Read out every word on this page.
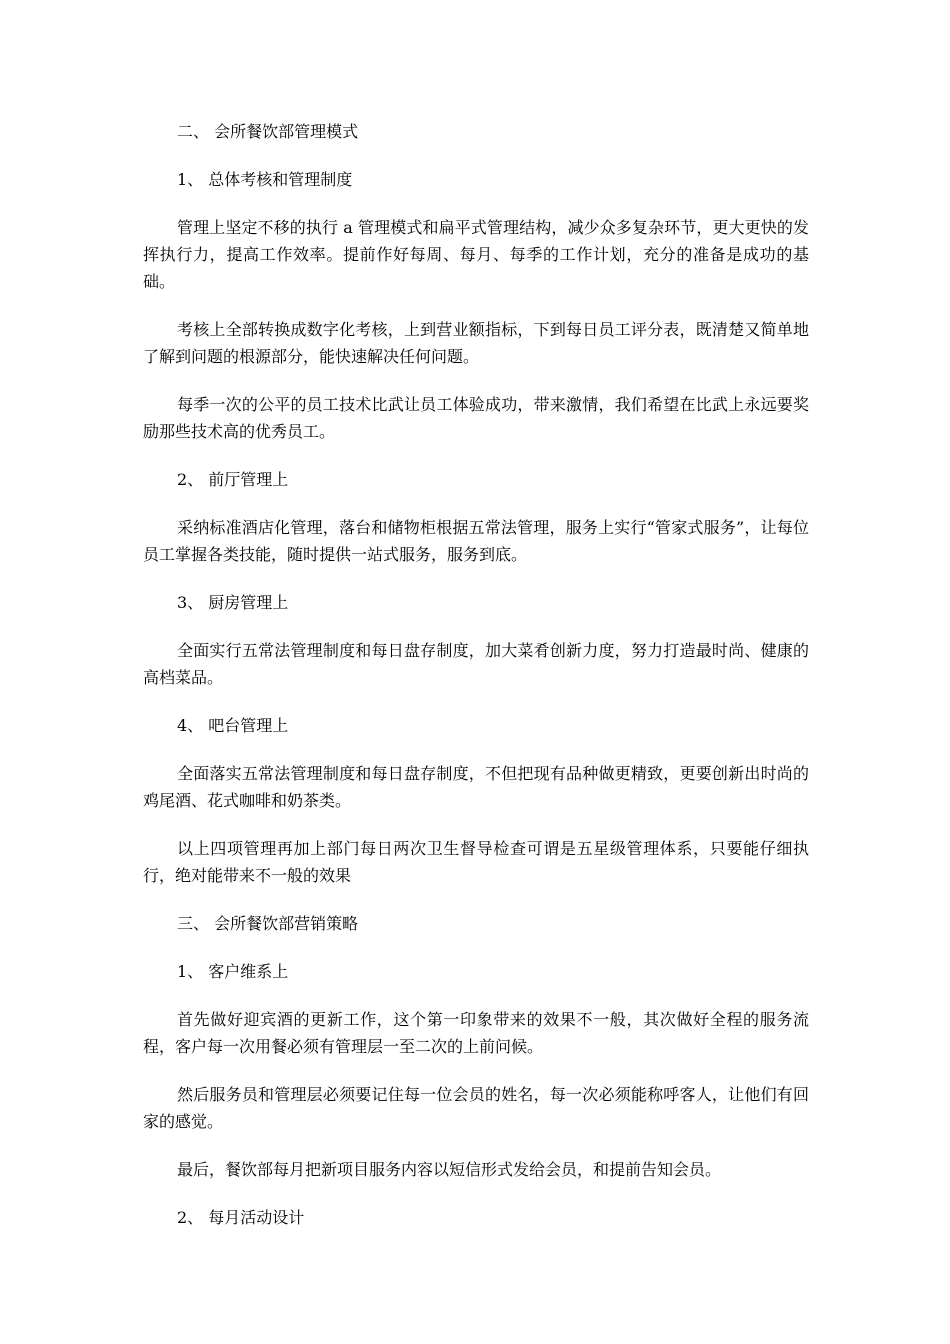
二、 会所餐饮部管理模式

1、 总体考核和管理制度

管理上坚定不移的执行 a 管理模式和扁平式管理结构，减少众多复杂环节，更大更快的发挥执行力，提高工作效率。提前作好每周、每月、每季的工作计划，充分的准备是成功的基础。

考核上全部转换成数字化考核，上到营业额指标，下到每日员工评分表，既清楚又简单地了解到问题的根源部分，能快速解决任何问题。

每季一次的公平的员工技术比武让员工体验成功，带来激情，我们希望在比武上永远要奖励那些技术高的优秀员工。

2、 前厅管理上

采纳标准酒店化管理，落台和储物柜根据五常法管理，服务上实行“管家式服务”，让每位员工掌握各类技能，随时提供一站式服务，服务到底。

3、 厨房管理上

全面实行五常法管理制度和每日盘存制度，加大菜肴创新力度，努力打造最时尚、健康的高档菜品。

4、 吧台管理上

全面落实五常法管理制度和每日盘存制度，不但把现有品种做更精致，更要创新出时尚的鸡尾酒、花式咖啡和奶茶类。

以上四项管理再加上部门每日两次卫生督导检查可谓是五星级管理体系，只要能仔细执行，绝对能带来不一般的效果

三、 会所餐饮部营销策略

1、 客户维系上

首先做好迎宾酒的更新工作，这个第一印象带来的效果不一般，其次做好全程的服务流程，客户每一次用餐必须有管理层一至二次的上前问候。

然后服务员和管理层必须要记住每一位会员的姓名，每一次必须能称呼客人，让他们有回家的感觉。

最后，餐饮部每月把新项目服务内容以短信形式发给会员，和提前告知会员。

2、 每月活动设计
